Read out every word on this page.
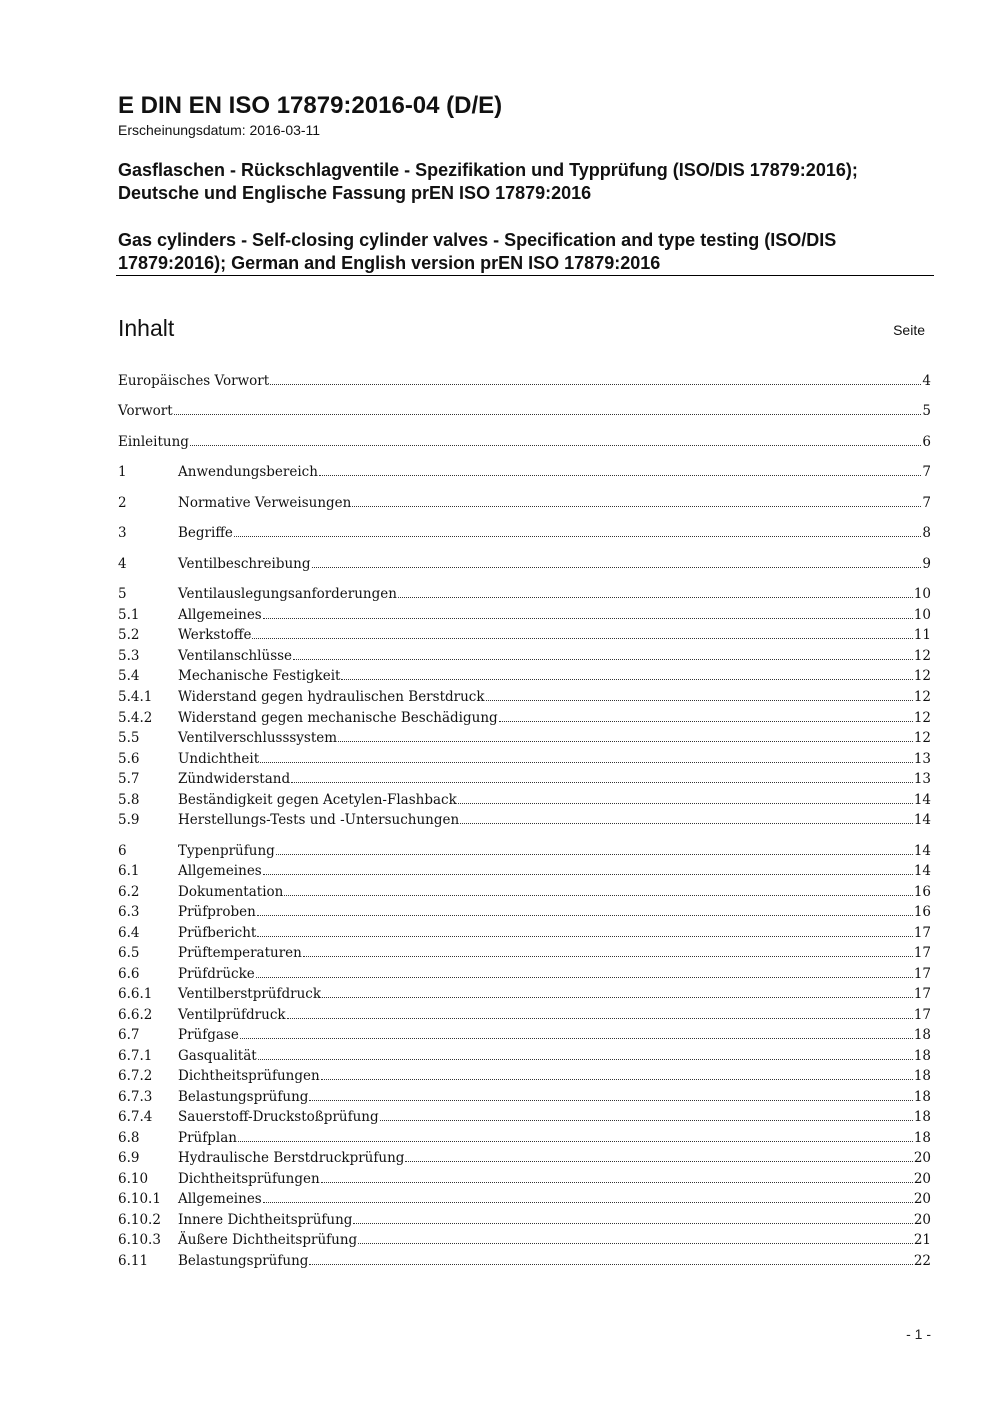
E DIN EN ISO 17879:2016-04 (D/E)
Erscheinungsdatum: 2016-03-11
Gasflaschen - Rückschlagventile - Spezifikation und Typprüfung (ISO/DIS 17879:2016); Deutsche und Englische Fassung prEN ISO 17879:2016
Gas cylinders - Self-closing cylinder valves - Specification and type testing (ISO/DIS 17879:2016); German and English version prEN ISO 17879:2016
Inhalt	Seite
Europäisches Vorwort	4
Vorwort	5
Einleitung	6
1	Anwendungsbereich	7
2	Normative Verweisungen	7
3	Begriffe	8
4	Ventilbeschreibung	9
5	Ventilauslegungsanforderungen	10
5.1	Allgemeines	10
5.2	Werkstoffe	11
5.3	Ventilanschlüsse	12
5.4	Mechanische Festigkeit	12
5.4.1	Widerstand gegen hydraulischen Berstdruck	12
5.4.2	Widerstand gegen mechanische Beschädigung	12
5.5	Ventilverschlusssystem	12
5.6	Undichtheit	13
5.7	Zündwiderstand	13
5.8	Beständigkeit gegen Acetylen-Flashback	14
5.9	Herstellungs-Tests und -Untersuchungen	14
6	Typenprüfung	14
6.1	Allgemeines	14
6.2	Dokumentation	16
6.3	Prüfproben	16
6.4	Prüfbericht	17
6.5	Prüftemperaturen	17
6.6	Prüfdrücke	17
6.6.1	Ventilberstprüfdruck	17
6.6.2	Ventilprüfdruck	17
6.7	Prüfgase	18
6.7.1	Gasqualität	18
6.7.2	Dichtheitsprüfungen	18
6.7.3	Belastungsprüfung	18
6.7.4	Sauerstoff-Druckstoßprüfung	18
6.8	Prüfplan	18
6.9	Hydraulische Berstdruckprüfung	20
6.10	Dichtheitsprüfungen	20
6.10.1	Allgemeines	20
6.10.2	Innere Dichtheitsprüfung	20
6.10.3	Äußere Dichtheitsprüfung	21
6.11	Belastungsprüfung	22
- 1 -
